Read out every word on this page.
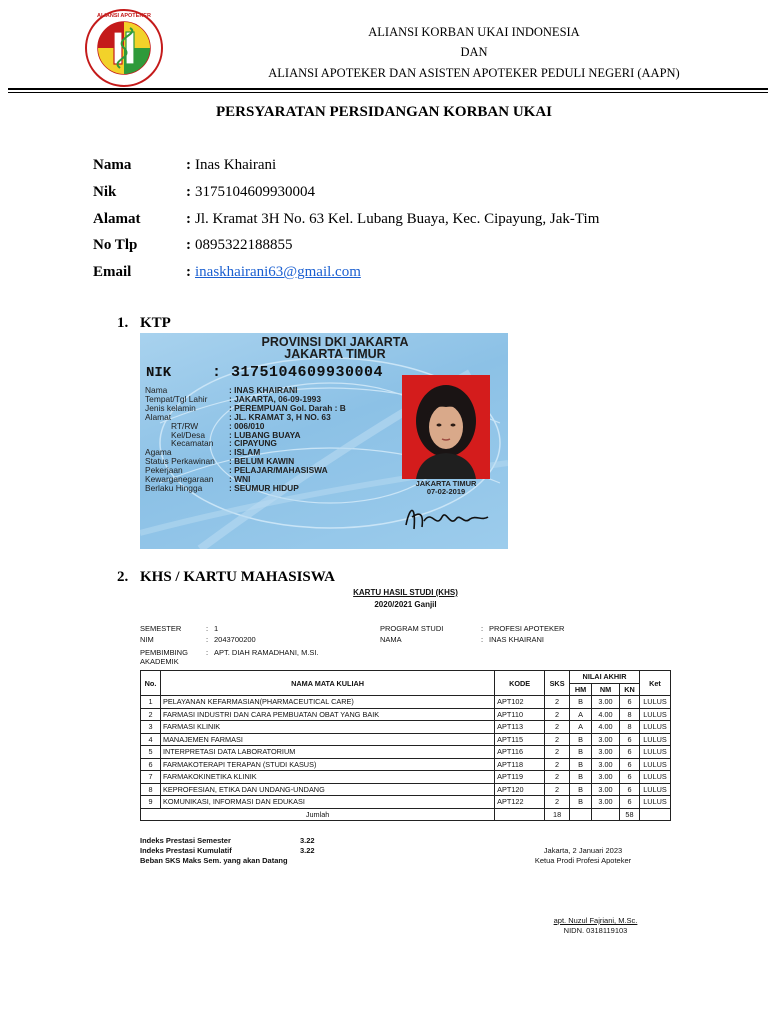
ALIANSI APOTEKER
ALIANSI KORBAN UKAI INDONESIA
DAN
ALIANSI APOTEKER DAN ASISTEN APOTEKER PEDULI NEGERI (AAPN)
PERSYARATAN PERSIDANGAN KORBAN UKAI
Nama	: Inas Khairani
Nik	: 3175104609930004
Alamat	: Jl. Kramat 3H No. 63 Kel. Lubang Buaya, Kec. Cipayung, Jak-Tim
No Tlp	: 0895322188855
Email	: inaskhairani63@gmail.com
1. KTP
PROVINSI DKI JAKARTA
JAKARTA TIMUR
NIK	: 3175104609930004
Nama	: INAS KHAIRANI
Tempat/Tgl Lahir	: JAKARTA, 06-09-1993
Jenis kelamin	: PEREMPUAN Gol. Darah : B
Alamat	: JL. KRAMAT 3, H NO. 63
RT/RW	: 006/010
Kel/Desa	: LUBANG BUAYA
Kecamatan	: CIPAYUNG
Agama	: ISLAM
Status Perkawinan	: BELUM KAWIN
Pekerjaan	: PELAJAR/MAHASISWA
Kewarganegaraan	: WNI
Berlaku Hingga	: SEUMUR HIDUP	JAKARTA TIMUR
07-02-2019
2. KHS / KARTU MAHASISWA
KARTU HASIL STUDI (KHS)
2020/2021 Ganjil
SEMESTER	: 1
NIM	: 2043700200
PEMBIMBING
AKADEMIK
: APT. DIAH RAMADHANI, M.SI.
PROGRAM STUDI	: PROFESI APOTEKER
NAMA	: INAS KHAIRANI
No.	NAMA MATA KULIAH	KODE	SKS	NILAI AKHIR			Ket
				HM	NM	KN	
1	PELAYANAN KEFARMASIAN(PHARMACEUTICAL CARE)	APT102	2	B	3.00	6	LULUS
2	FARMASI INDUSTRI DAN CARA PEMBUATAN OBAT YANG BAIK	APT110	2	A	4.00	8	LULUS
3	FARMASI KLINIK	APT113	2	A	4.00	8	LULUS
4	MANAJEMEN FARMASI	APT115	2	B	3.00	6	LULUS
5	INTERPRETASI DATA LABORATORIUM	APT116	2	B	3.00	6	LULUS
6	FARMAKOTERAPI TERAPAN (STUDI KASUS)	APT118	2	B	3.00	6	LULUS
7	FARMAKOKINETIKA KLINIK	APT119	2	B	3.00	6	LULUS
8	KEPROFESIAN, ETIKA DAN UNDANG-UNDANG	APT120	2	B	3.00	6	LULUS
9	KOMUNIKASI, INFORMASI DAN EDUKASI	APT122	2	B	3.00	6	LULUS
Jumlah			18			58	
Indeks Prestasi Semester	3.22
Indeks Prestasi Kumulatif	3.22
Beban SKS Maks Sem. yang akan Datang
Jakarta, 2 Januari 2023
Ketua Prodi Profesi Apoteker
apt. Nuzul Fajriani, M.Sc.
NIDN. 0318119103
